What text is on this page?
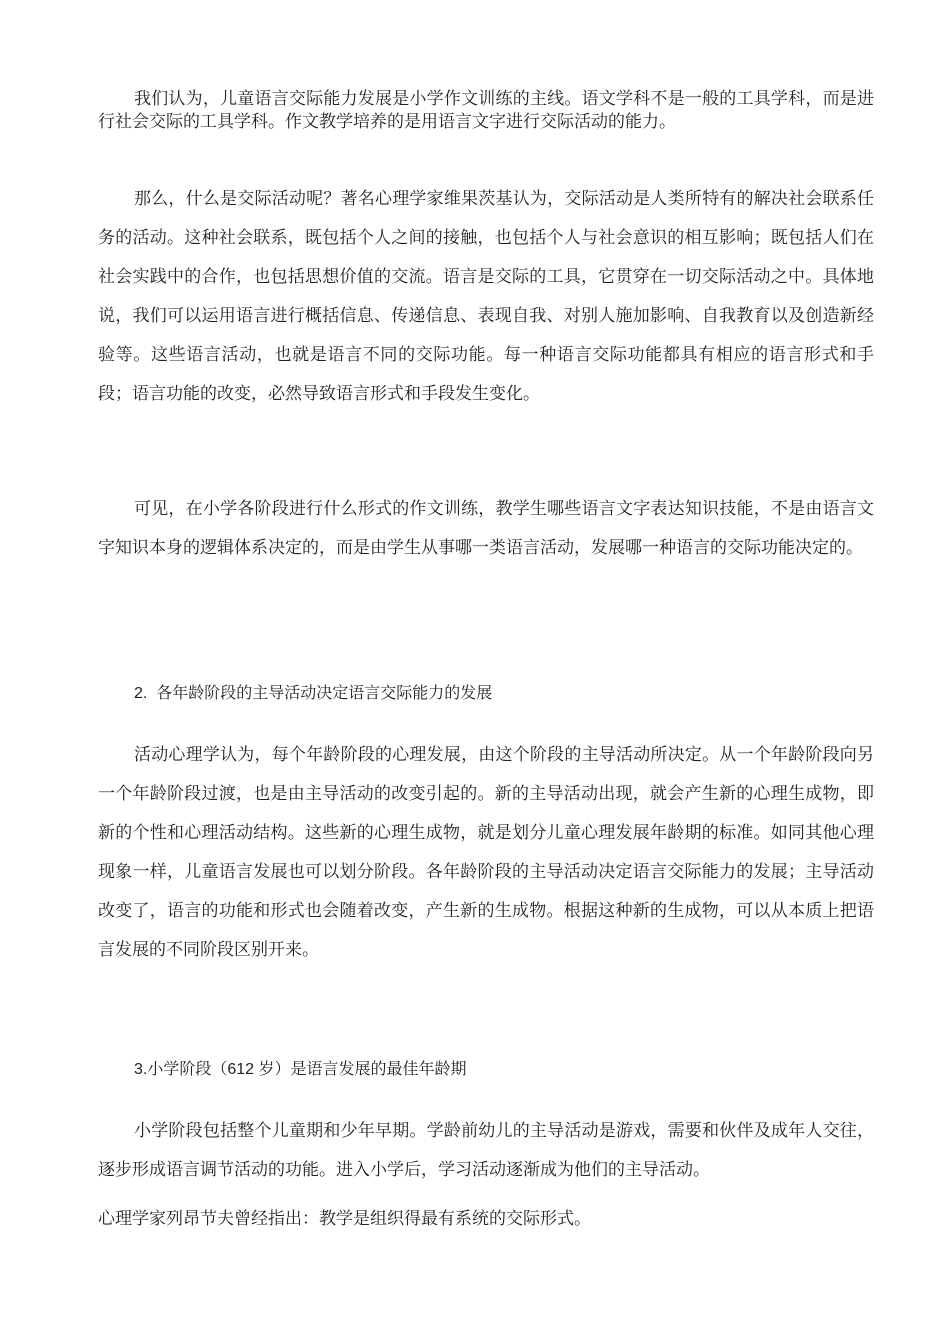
我们认为，儿童语言交际能力发展是小学作文训练的主线。语文学科不是一般的工具学科，而是进行社会交际的工具学科。作文教学培养的是用语言文字进行交际活动的能力。

那么，什么是交际活动呢？著名心理学家维果茨基认为，交际活动是人类所特有的解决社会联系任务的活动。这种社会联系，既包括个人之间的接触，也包括个人与社会意识的相互影响；既包括人们在社会实践中的合作，也包括思想价值的交流。语言是交际的工具，它贯穿在一切交际活动之中。具体地说，我们可以运用语言进行概括信息、传递信息、表现自我、对别人施加影响、自我教育以及创造新经验等。这些语言活动，也就是语言不同的交际功能。每一种语言交际功能都具有相应的语言形式和手段；语言功能的改变，必然导致语言形式和手段发生变化。

可见，在小学各阶段进行什么形式的作文训练，教学生哪些语言文字表达知识技能，不是由语言文字知识本身的逻辑体系决定的，而是由学生从事哪一类语言活动，发展哪一种语言的交际功能决定的。

2. 各年龄阶段的主导活动决定语言交际能力的发展

活动心理学认为，每个年龄阶段的心理发展，由这个阶段的主导活动所决定。从一个年龄阶段向另一个年龄阶段过渡，也是由主导活动的改变引起的。新的主导活动出现，就会产生新的心理生成物，即新的个性和心理活动结构。这些新的心理生成物，就是划分儿童心理发展年龄期的标准。如同其他心理现象一样，儿童语言发展也可以划分阶段。各年龄阶段的主导活动决定语言交际能力的发展；主导活动改变了，语言的功能和形式也会随着改变，产生新的生成物。根据这种新的生成物，可以从本质上把语言发展的不同阶段区别开来。

3.小学阶段（612 岁）是语言发展的最佳年龄期

小学阶段包括整个儿童期和少年早期。学龄前幼儿的主导活动是游戏，需要和伙伴及成年人交往，逐步形成语言调节活动的功能。进入小学后，学习活动逐渐成为他们的主导活动。

心理学家列昂节夫曾经指出：教学是组织得最有系统的交际形式。
